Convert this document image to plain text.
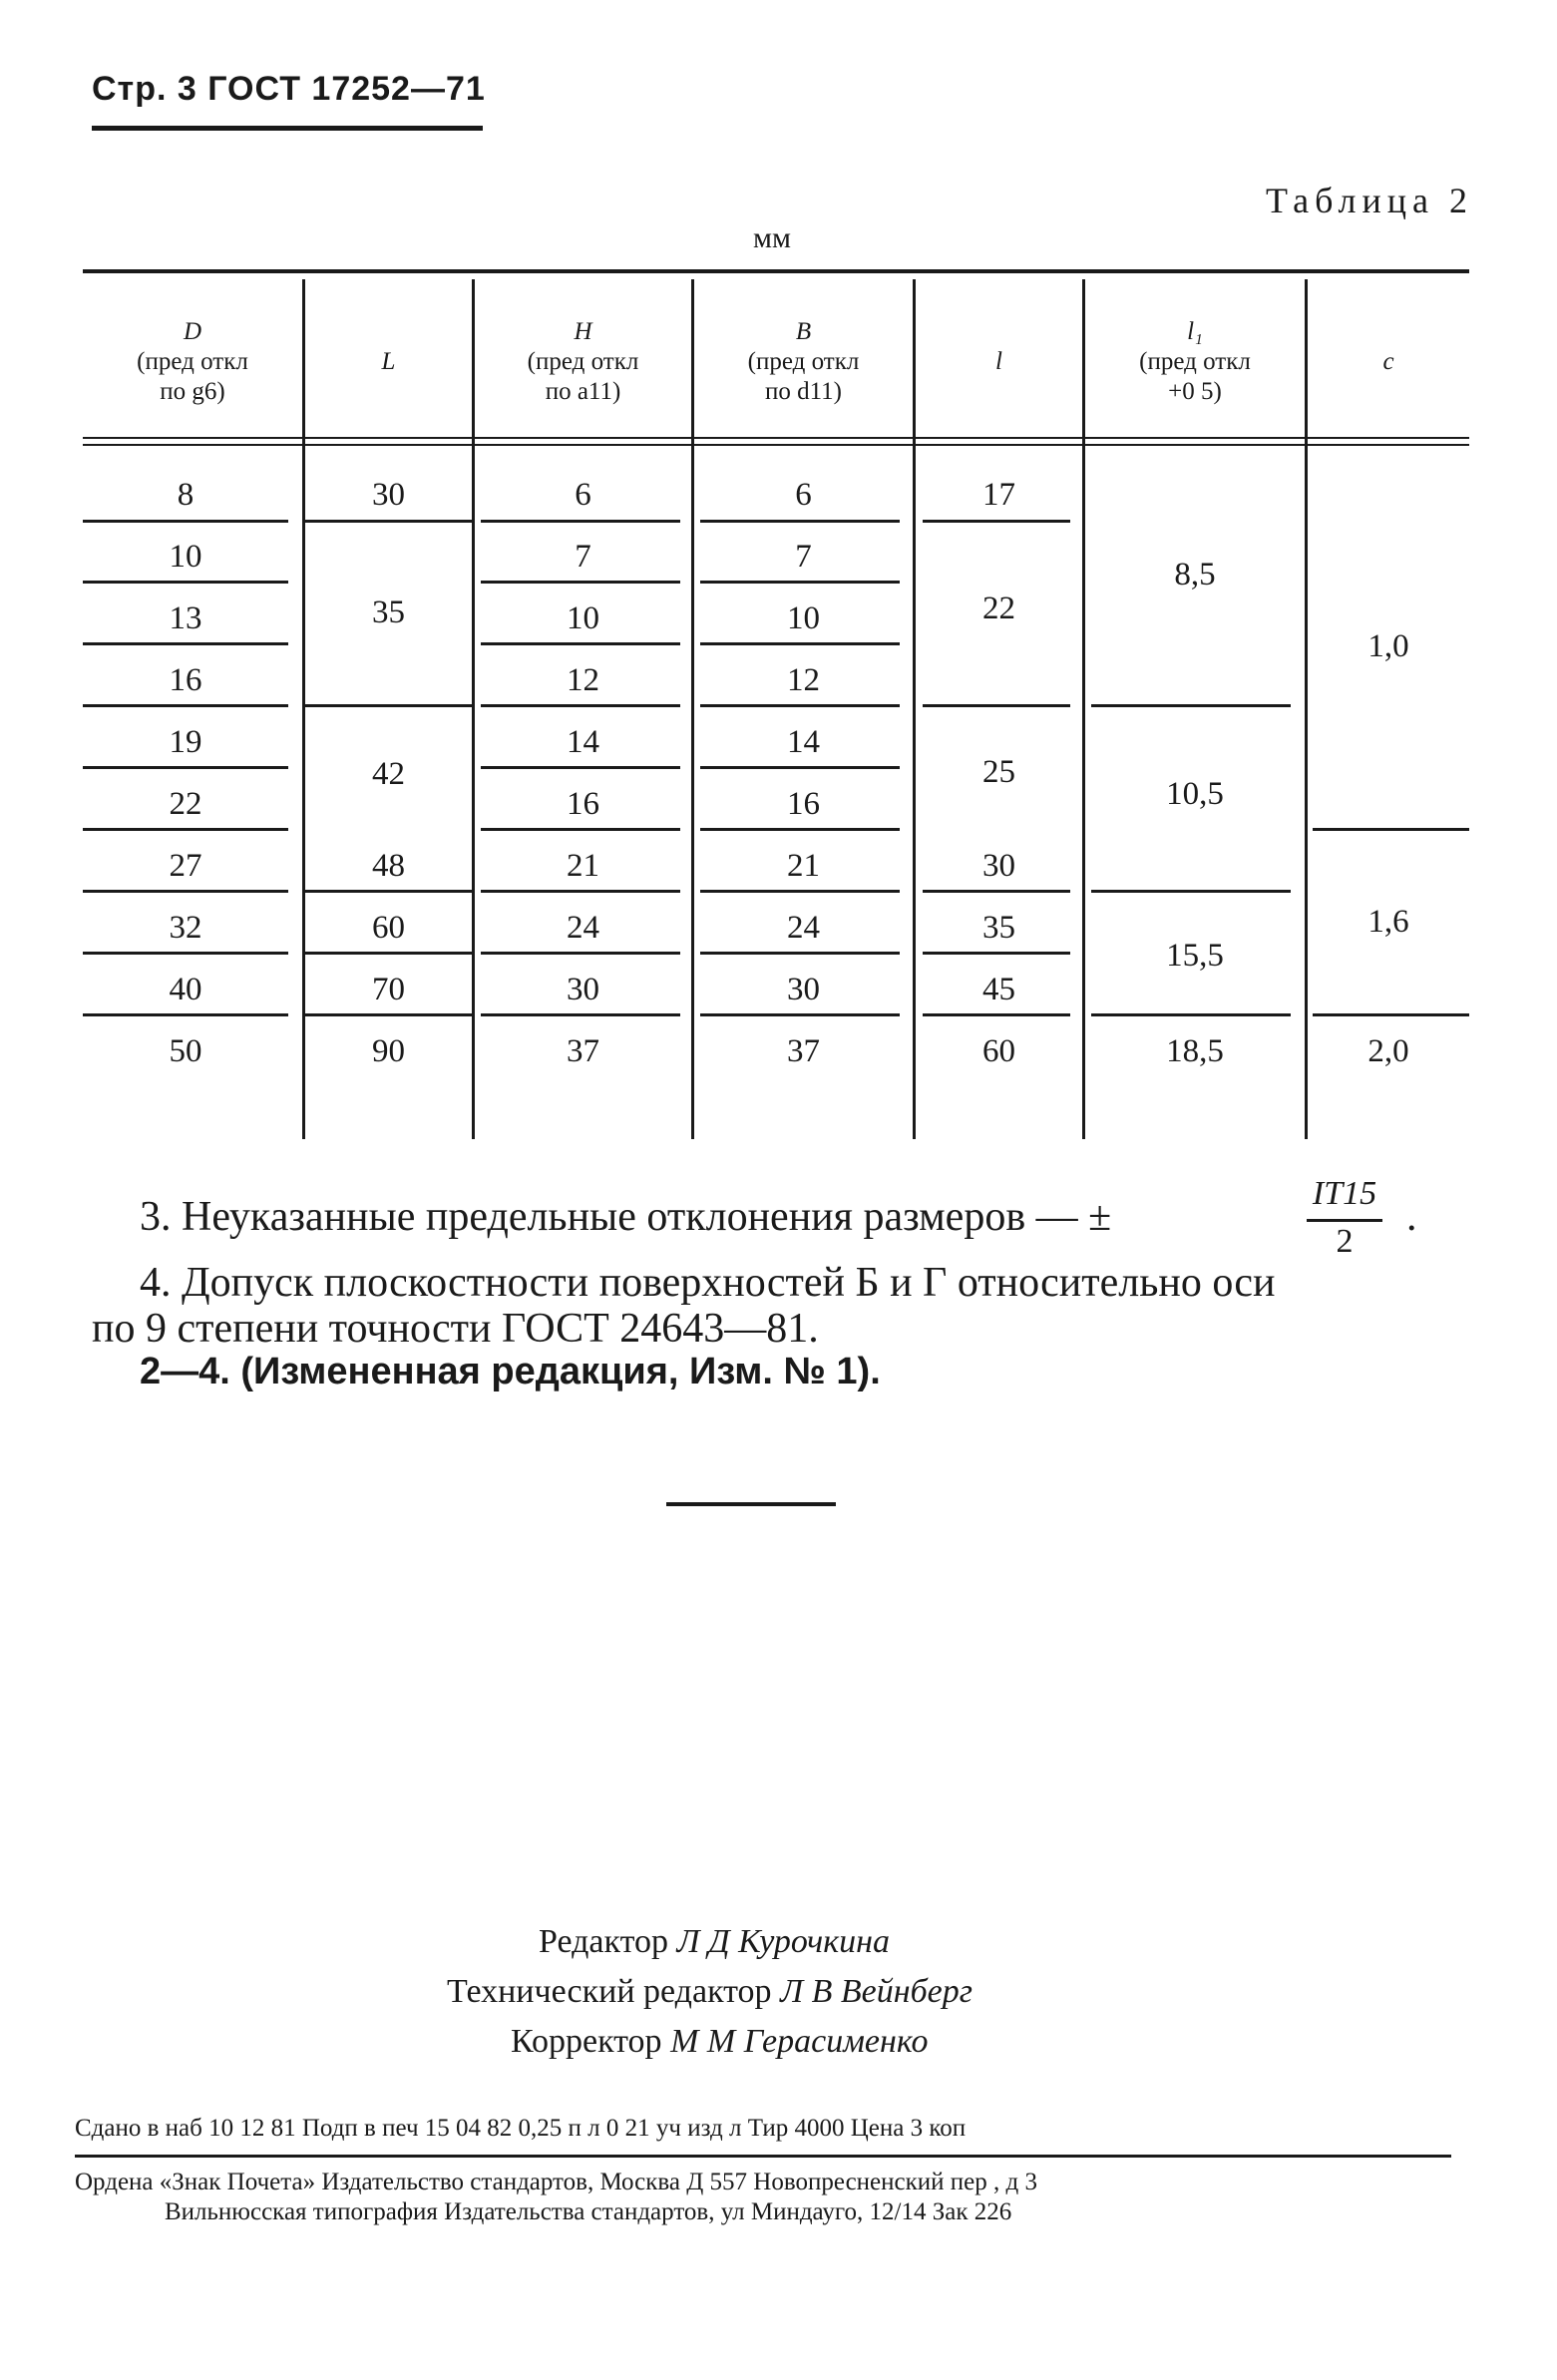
Стр. 3 ГОСТ 17252—71
Таблица 2
мм
D
(пред откл
по g6)
L
H
(пред откл
по a11)
B
(пред откл
по d11)
l
l₁
(пред откл
+0 5)
c
8
10
13
16
19
22
27
32
40
50
30
35
42
48
60
70
90
6
7
10
12
14
16
21
24
30
37
6
7
10
12
14
16
21
24
30
37
17
22
25
30
35
45
60
8,5
10,5
15,5
18,5
1,0
1,6
2,0
3. Неуказанные предельные отклонения размеров — ±
IT15
2
.
4. Допуск плоскостности поверхностей Б и Г относительно оси
по 9 степени точности ГОСТ 24643—81.
2—4. (Измененная редакция, Изм. № 1).
Редактор Л Д Курочкина
Технический редактор Л В Вейнберг
Корректор М М Герасименко
Сдано в наб 10 12 81 Подп в печ 15 04 82 0,25 п л 0 21 уч изд л Тир 4000 Цена 3 коп
Ордена «Знак Почета» Издательство стандартов, Москва Д 557 Новопресненский пер , д 3
Вильнюсская типография Издательства стандартов, ул Миндауго, 12/14 Зак 226
